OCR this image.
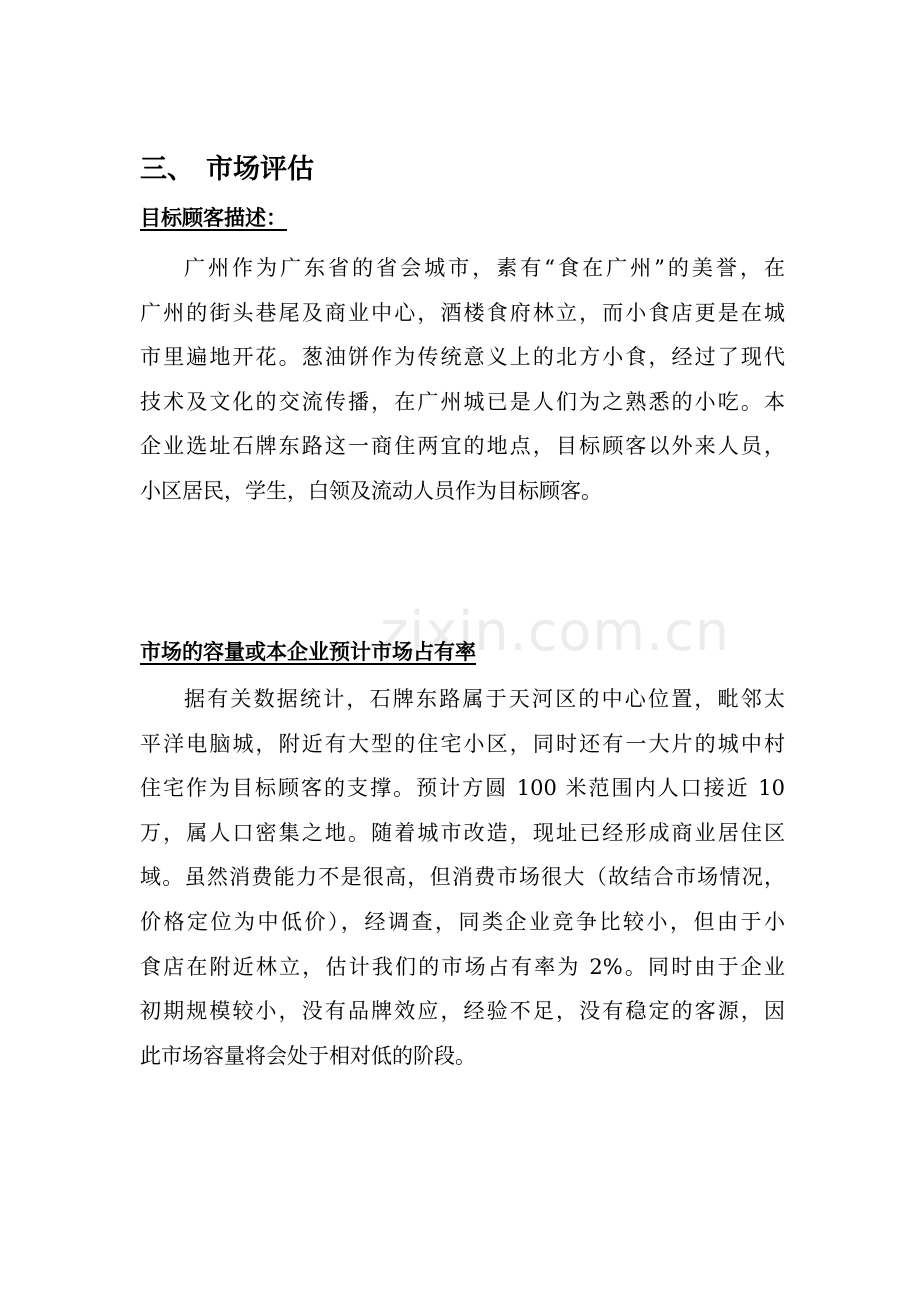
zixin.com.cn
三、 市场评估
目标顾客描述：
广州作为广东省的省会城市，素有“食在广州”的美誉，在
广州的街头巷尾及商业中心，酒楼食府林立，而小食店更是在城
市里遍地开花。葱油饼作为传统意义上的北方小食，经过了现代
技术及文化的交流传播，在广州城已是人们为之熟悉的小吃。本
企业选址石牌东路这一商住两宜的地点，目标顾客以外来人员，
小区居民，学生，白领及流动人员作为目标顾客。
市场的容量或本企业预计市场占有率
据有关数据统计，石牌东路属于天河区的中心位置，毗邻太
平洋电脑城，附近有大型的住宅小区，同时还有一大片的城中村
住宅作为目标顾客的支撑。预计方圆 100 米范围内人口接近 10
万，属人口密集之地。随着城市改造，现址已经形成商业居住区
域。虽然消费能力不是很高，但消费市场很大（故结合市场情况，
价格定位为中低价），经调查，同类企业竞争比较小，但由于小
食店在附近林立，估计我们的市场占有率为 2%。同时由于企业
初期规模较小，没有品牌效应，经验不足，没有稳定的客源，因
此市场容量将会处于相对低的阶段。
